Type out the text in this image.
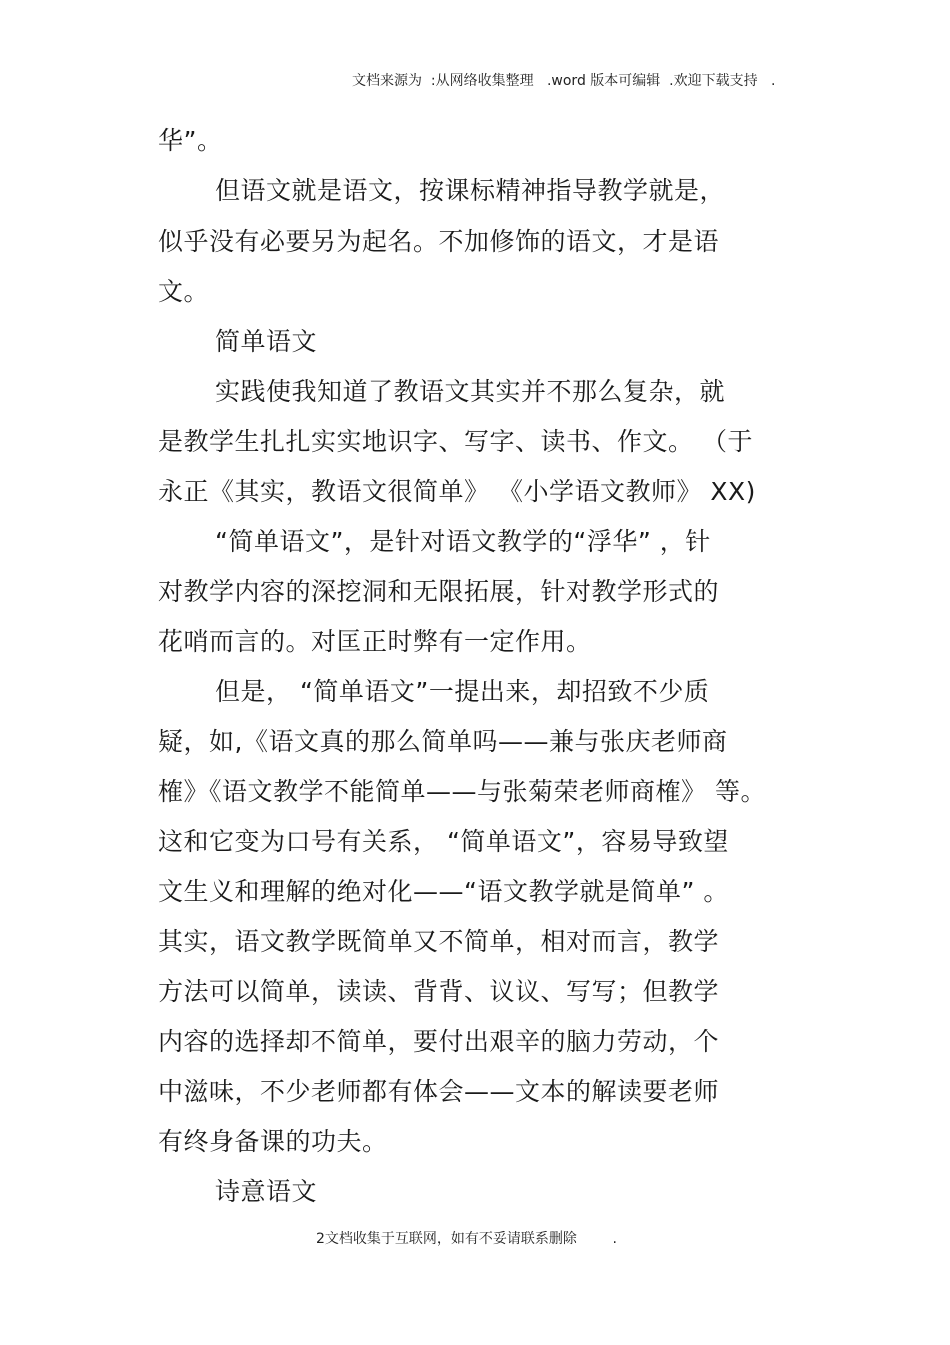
文档来源为  :从网络收集整理   .word 版本可编辑  .欢迎下载支持   .
华”。
但语文就是语文，按课标精神指导教学就是，
似乎没有必要另为起名。不加修饰的语文，才是语
文。
简单语文
实践使我知道了教语文其实并不那么复杂，就
是教学生扎扎实实地识字、写字、读书、作文。 （于
永正《其实，教语文很简单》 《小学语文教师》 XX)
“简单语文”，是针对语文教学的“浮华” ，针
对教学内容的深挖洞和无限拓展，针对教学形式的
花哨而言的。对匡正时弊有一定作用。
但是， “简单语文”一提出来，却招致不少质
疑，如,《语文真的那么简单吗——兼与张庆老师商
榷》《语文教学不能简单——与张菊荣老师商榷》 等。
这和它变为口号有关系， “简单语文”，容易导致望
文生义和理解的绝对化——“语文教学就是简单” 。
其实，语文教学既简单又不简单，相对而言，教学
方法可以简单，读读、背背、议议、写写；但教学
内容的选择却不简单，要付出艰辛的脑力劳动，个
中滋味，不少老师都有体会——文本的解读要老师
有终身备课的功夫。
诗意语文
2文档收集于互联网，如有不妥请联系删除        .
